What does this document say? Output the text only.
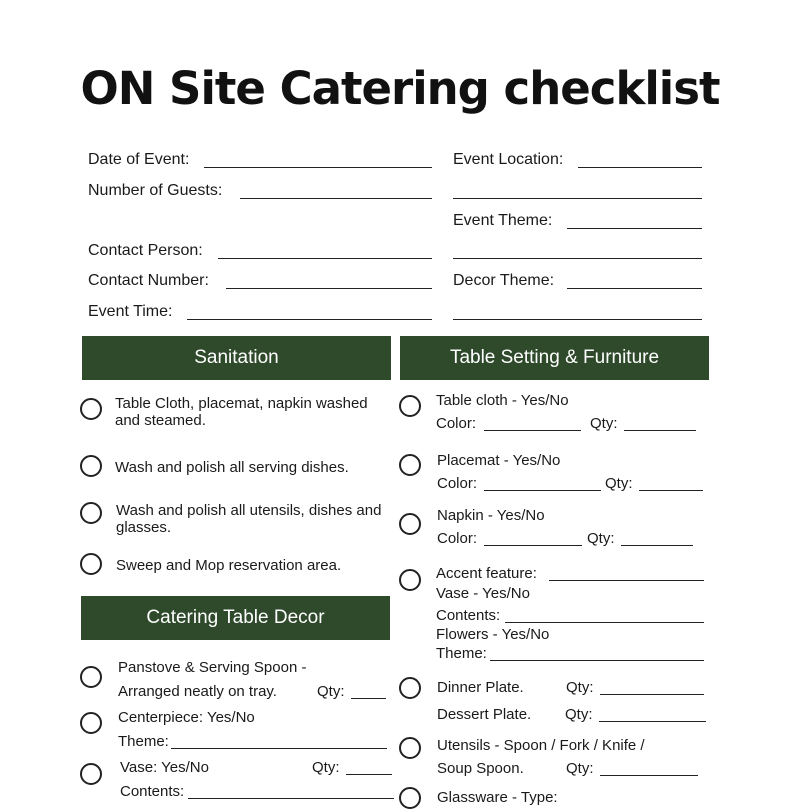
ON Site Catering checklist
Date of Event:
Number of Guests:
Contact Person:
Contact Number:
Event Time:
Event Location:
Event Theme:
Decor Theme:
Sanitation	Table Setting & Furniture
Catering Table Decor
Table Cloth, placemat, napkin washed and steamed.
Wash and polish all serving dishes.
Wash and polish all utensils, dishes and glasses.
Sweep and Mop reservation area.
Panstove & Serving Spoon -
Arranged neatly on tray.	Qty:
Centerpiece: Yes/No
Theme:
Vase: Yes/No	Qty:
Contents:
Table cloth - Yes/No
Color:	Qty:
Placemat - Yes/No
Color:	Qty:
Napkin - Yes/No
Color:	Qty:
Accent feature:
Vase - Yes/No
Contents:
Flowers - Yes/No
Theme:
Dinner Plate.	Qty:
Dessert Plate. Qty:
Utensils - Spoon / Fork / Knife /
Soup Spoon.	Qty:
Glassware - Type:
